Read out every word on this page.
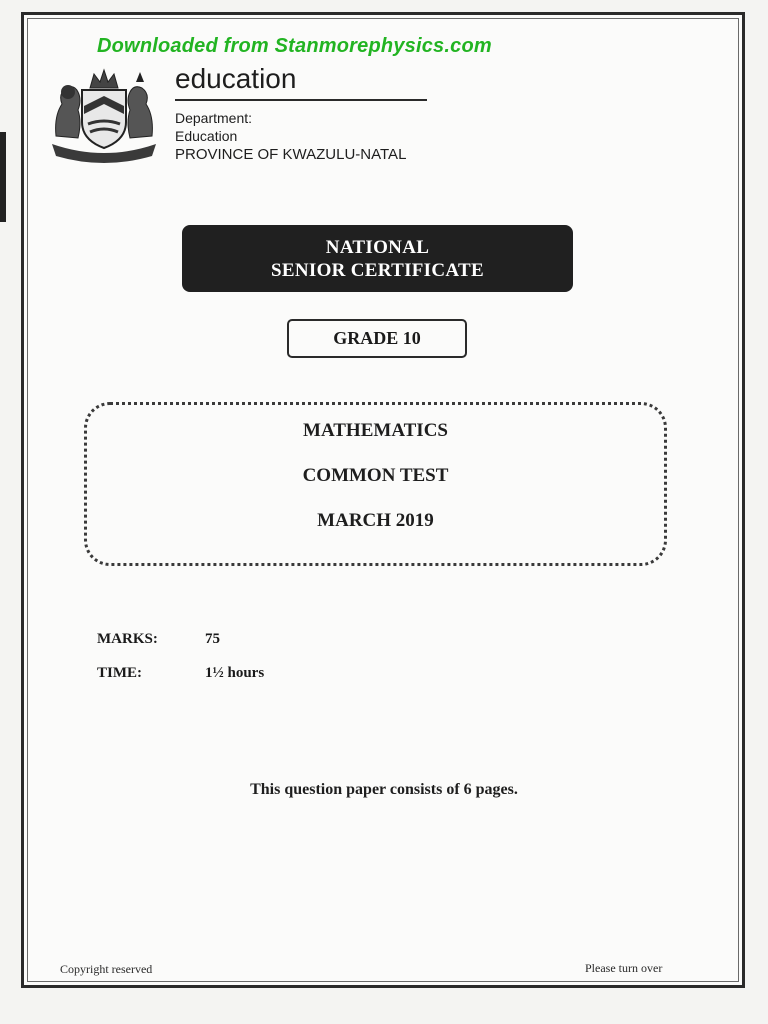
Downloaded from Stanmorephysics.com
education
Department:
Education
PROVINCE OF KWAZULU-NATAL
NATIONAL
SENIOR CERTIFICATE
GRADE 10
MATHEMATICS
COMMON TEST
MARCH 2019
MARKS:	75
TIME:	1½ hours
This question paper consists of 6 pages.
Copyright reserved	Please turn over
